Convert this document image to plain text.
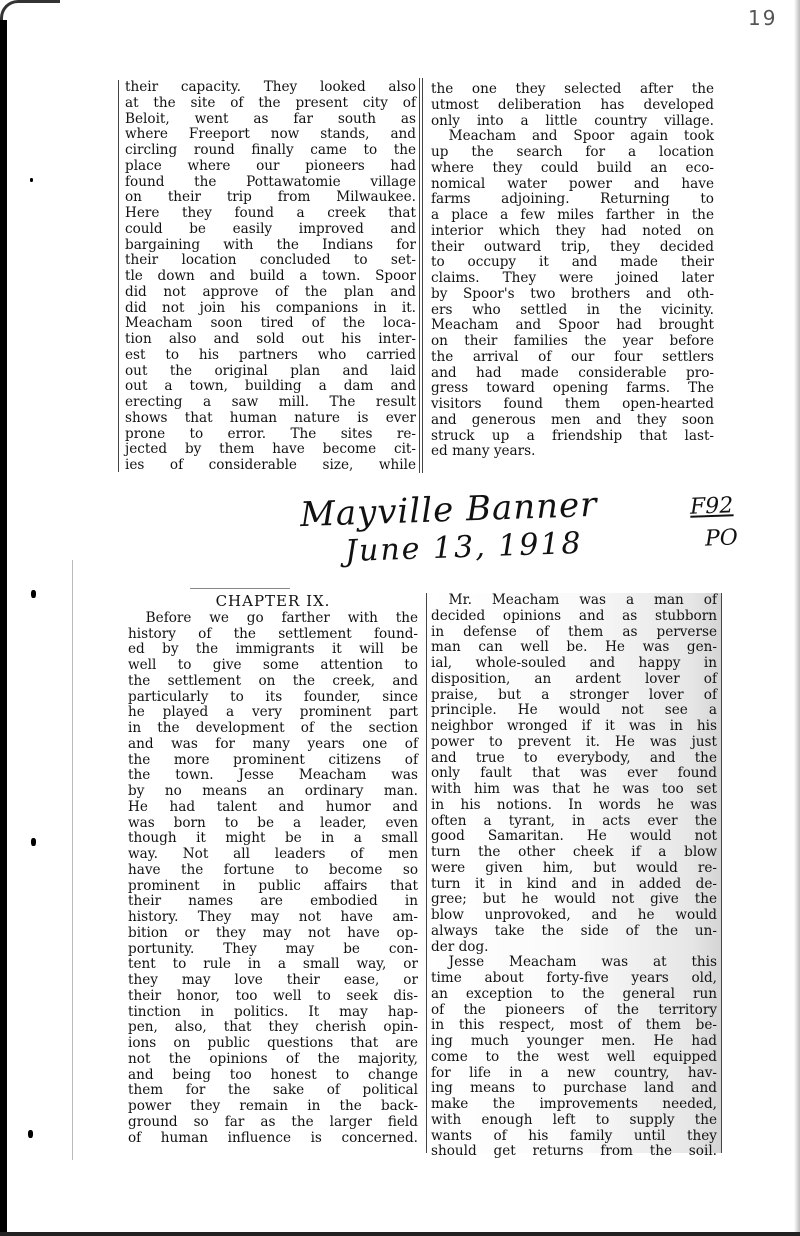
19
their capacity. They looked also
at the site of the present city of
Beloit, went as far south as
where Freeport now stands, and
circling round finally came to the
place where our pioneers had
found the Pottawatomie village
on their trip from Milwaukee.
Here they found a creek that
could be easily improved and
bargaining with the Indians for
their location concluded to set-
tle down and build a town. Spoor
did not approve of the plan and
did not join his companions in it.
Meacham soon tired of the loca-
tion also and sold out his inter-
est to his partners who carried
out the original plan and laid
out a town, building a dam and
erecting a saw mill. The result
shows that human nature is ever
prone to error. The sites re-
jected by them have become cit-
ies of considerable size, while
the one they selected after the
utmost deliberation has developed
only into a little country village.
Meacham and Spoor again took
up the search for a location
where they could build an eco-
nomical water power and have
farms adjoining. Returning to
a place a few miles farther in the
interior which they had noted on
their outward trip, they decided
to occupy it and made their
claims. They were joined later
by Spoor's two brothers and oth-
ers who settled in the vicinity.
Meacham and Spoor had brought
on their families the year before
the arrival of our four settlers
and had made considerable pro-
gress toward opening farms. The
visitors found them open-hearted
and generous men and they soon
struck up a friendship that last-
ed many years.
Mayville Banner
June 13, 1918
F92
PO
CHAPTER IX.
Before we go farther with the
history of the settlement found-
ed by the immigrants it will be
well to give some attention to
the settlement on the creek, and
particularly to its founder, since
he played a very prominent part
in the development of the section
and was for many years one of
the more prominent citizens of
the town. Jesse Meacham was
by no means an ordinary man.
He had talent and humor and
was born to be a leader, even
though it might be in a small
way. Not all leaders of men
have the fortune to become so
prominent in public affairs that
their names are embodied in
history. They may not have am-
bition or they may not have op-
portunity. They may be con-
tent to rule in a small way, or
they may love their ease, or
their honor, too well to seek dis-
tinction in politics. It may hap-
pen, also, that they cherish opin-
ions on public questions that are
not the opinions of the majority,
and being too honest to change
them for the sake of political
power they remain in the back-
ground so far as the larger field
of human influence is concerned.
Mr. Meacham was a man of
decided opinions and as stubborn
in defense of them as perverse
man can well be. He was gen-
ial, whole-souled and happy in
disposition, an ardent lover of
praise, but a stronger lover of
principle. He would not see a
neighbor wronged if it was in his
power to prevent it. He was just
and true to everybody, and the
only fault that was ever found
with him was that he was too set
in his notions. In words he was
often a tyrant, in acts ever the
good Samaritan. He would not
turn the other cheek if a blow
were given him, but would re-
turn it in kind and in added de-
gree; but he would not give the
blow unprovoked, and he would
always take the side of the un-
der dog.
Jesse Meacham was at this
time about forty-five years old,
an exception to the general run
of the pioneers of the territory
in this respect, most of them be-
ing much younger men. He had
come to the west well equipped
for life in a new country, hav-
ing means to purchase land and
make the improvements needed,
with enough left to supply the
wants of his family until they
should get returns from the soil.
